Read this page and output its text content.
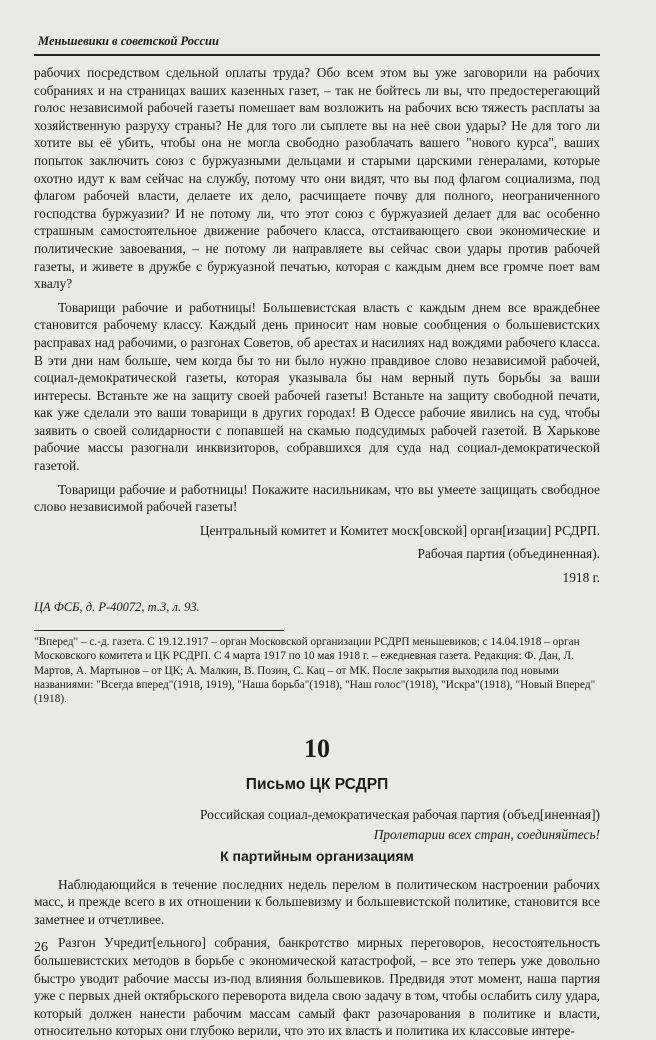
Меньшевики в советской России

рабочих посредством сдельной оплаты труда? Обо всем этом вы уже заговорили на рабочих собраниях и на страницах ваших казенных газет, – так не бойтесь ли вы, что предостерегающий голос независимой рабочей газеты помешает вам возложить на рабочих всю тяжесть расплаты за хозяйственную разруху страны? Не для того ли сыплете вы на неё свои удары? Не для того ли хотите вы её убить, чтобы она не могла свободно разоблачать вашего "нового курса", ваших попыток заключить союз с буржуазными дельцами и старыми царскими генералами, которые охотно идут к вам сейчас на службу, потому что они видят, что вы под флагом социализма, под флагом рабочей власти, делаете их дело, расчищаете почву для полного, неограниченного господства буржуазии? И не потому ли, что этот союз с буржуазией делает для вас особенно страшным самостоятельное движение рабочего класса, отстаивающего свои экономические и политические завоевания, – не потому ли направляете вы сейчас свои удары против рабочей газеты, и живете в дружбе с буржуазной печатью, которая с каждым днем все громче поет вам хвалу?

Товарищи рабочие и работницы! Большевистская власть с каждым днем все враждебнее становится рабочему классу. Каждый день приносит нам новые сообщения о большевистских расправах над рабочими, о разгонах Советов, об арестах и насилиях над вождями рабочего класса. В эти дни нам больше, чем когда бы то ни было нужно правдивое слово независимой рабочей, социал-демократической газеты, которая указывала бы нам верный путь борьбы за ваши интересы. Встаньте же на защиту своей рабочей газеты! Встаньте на защиту свободной печати, как уже сделали это ваши товарищи в других городах! В Одессе рабочие явились на суд, чтобы заявить о своей солидарности с попавшей на скамью подсудимых рабочей газетой. В Харькове рабочие массы разогнали инквизиторов, собравшихся для суда над социал-демократической газетой.

Товарищи рабочие и работницы! Покажите насильникам, что вы умеете защищать свободное слово независимой рабочей газеты!

Центральный комитет и Комитет моск[овской] орган[изации] РСДРП.

Рабочая партия (объединенная).

1918 г.

ЦА ФСБ, д. Р-40072, т.3, л. 93.

"Вперед" – с.-д. газета. С 19.12.1917 – орган Московской организации РСДРП меньшевиков; с 14.04.1918 – орган Московского комитета и ЦК РСДРП. С 4 марта 1917 по 10 мая 1918 г. – ежедневная газета. Редакция: Ф. Дан, Л. Мартов, А. Мартынов – от ЦК; А. Малкин, В. Позин, С. Кац – от МК. После закрытия выходила под новыми названиями: "Всегда вперед"(1918, 1919), "Наша борьба"(1918), "Наш голос"(1918), "Искра"(1918), "Новый Вперед"(1918).

10
Письмо ЦК РСДРП

Российская социал-демократическая рабочая партия (объед[иненная])

Пролетарии всех стран, соединяйтесь!

К партийным организациям

Наблюдающийся в течение последних недель перелом в политическом настроении рабочих масс, и прежде всего в их отношении к большевизму и большевистской политике, становится все заметнее и отчетливее.

Разгон Учредит[ельного] собрания, банкротство мирных переговоров, несостоятельность большевистских методов в борьбе с экономической катастрофой, – все это теперь уже довольно быстро уводит рабочие массы из-под влияния большевиков. Предвидя этот момент, наша партия уже с первых дней октябрьского переворота видела свою задачу в том, чтобы ослабить силу удара, который должен нанести рабочим массам самый факт разочарования в политике и власти, относительно которых они глубоко верили, что это их власть и политика их классовые интере-

26
